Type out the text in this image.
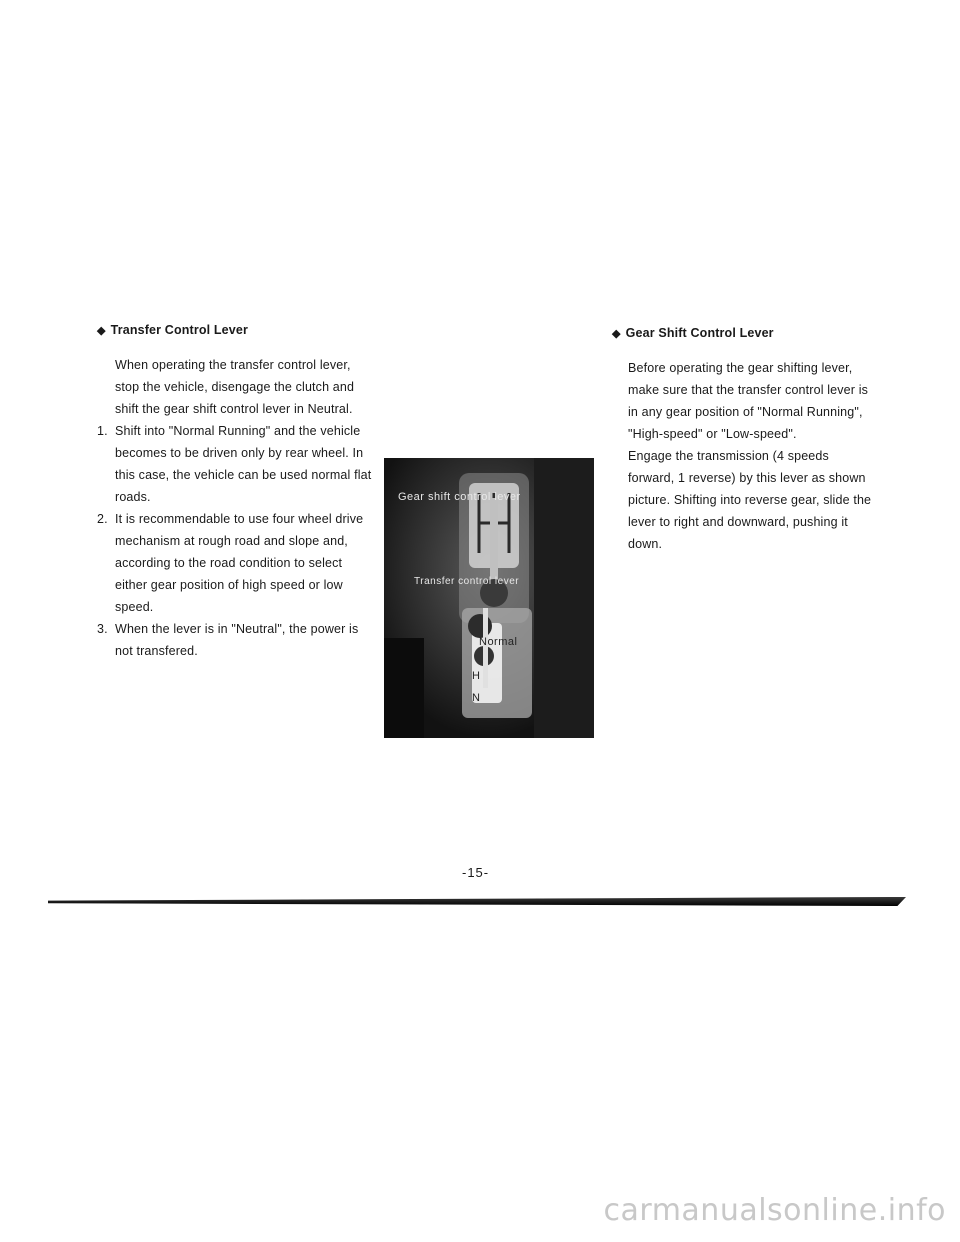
◆ Transfer Control Lever
When operating the transfer control lever, stop the vehicle, disengage the clutch and shift the gear shift control lever in Neutral.
1. Shift into "Normal Running" and the vehicle becomes to be driven only by rear wheel. In this case, the vehicle can be used normal flat roads.
2. It is recommendable to use four wheel drive mechanism at rough road and slope and, according to the road condition to select either gear position of high speed or low speed.
3. When the lever is in "Neutral", the power is not transfered.
Gear shift control lever
Transfer control lever
Normal
H
N
◆ Gear Shift Control Lever
Before operating the gear shifting lever, make sure that the transfer control lever is in any gear position of "Normal Running", "High-speed" or "Low-speed".
Engage the transmission (4 speeds forward, 1 reverse) by this lever as shown picture. Shifting into reverse gear, slide the lever to right and downward, pushing it down.
-15-
carmanualsonline.info
